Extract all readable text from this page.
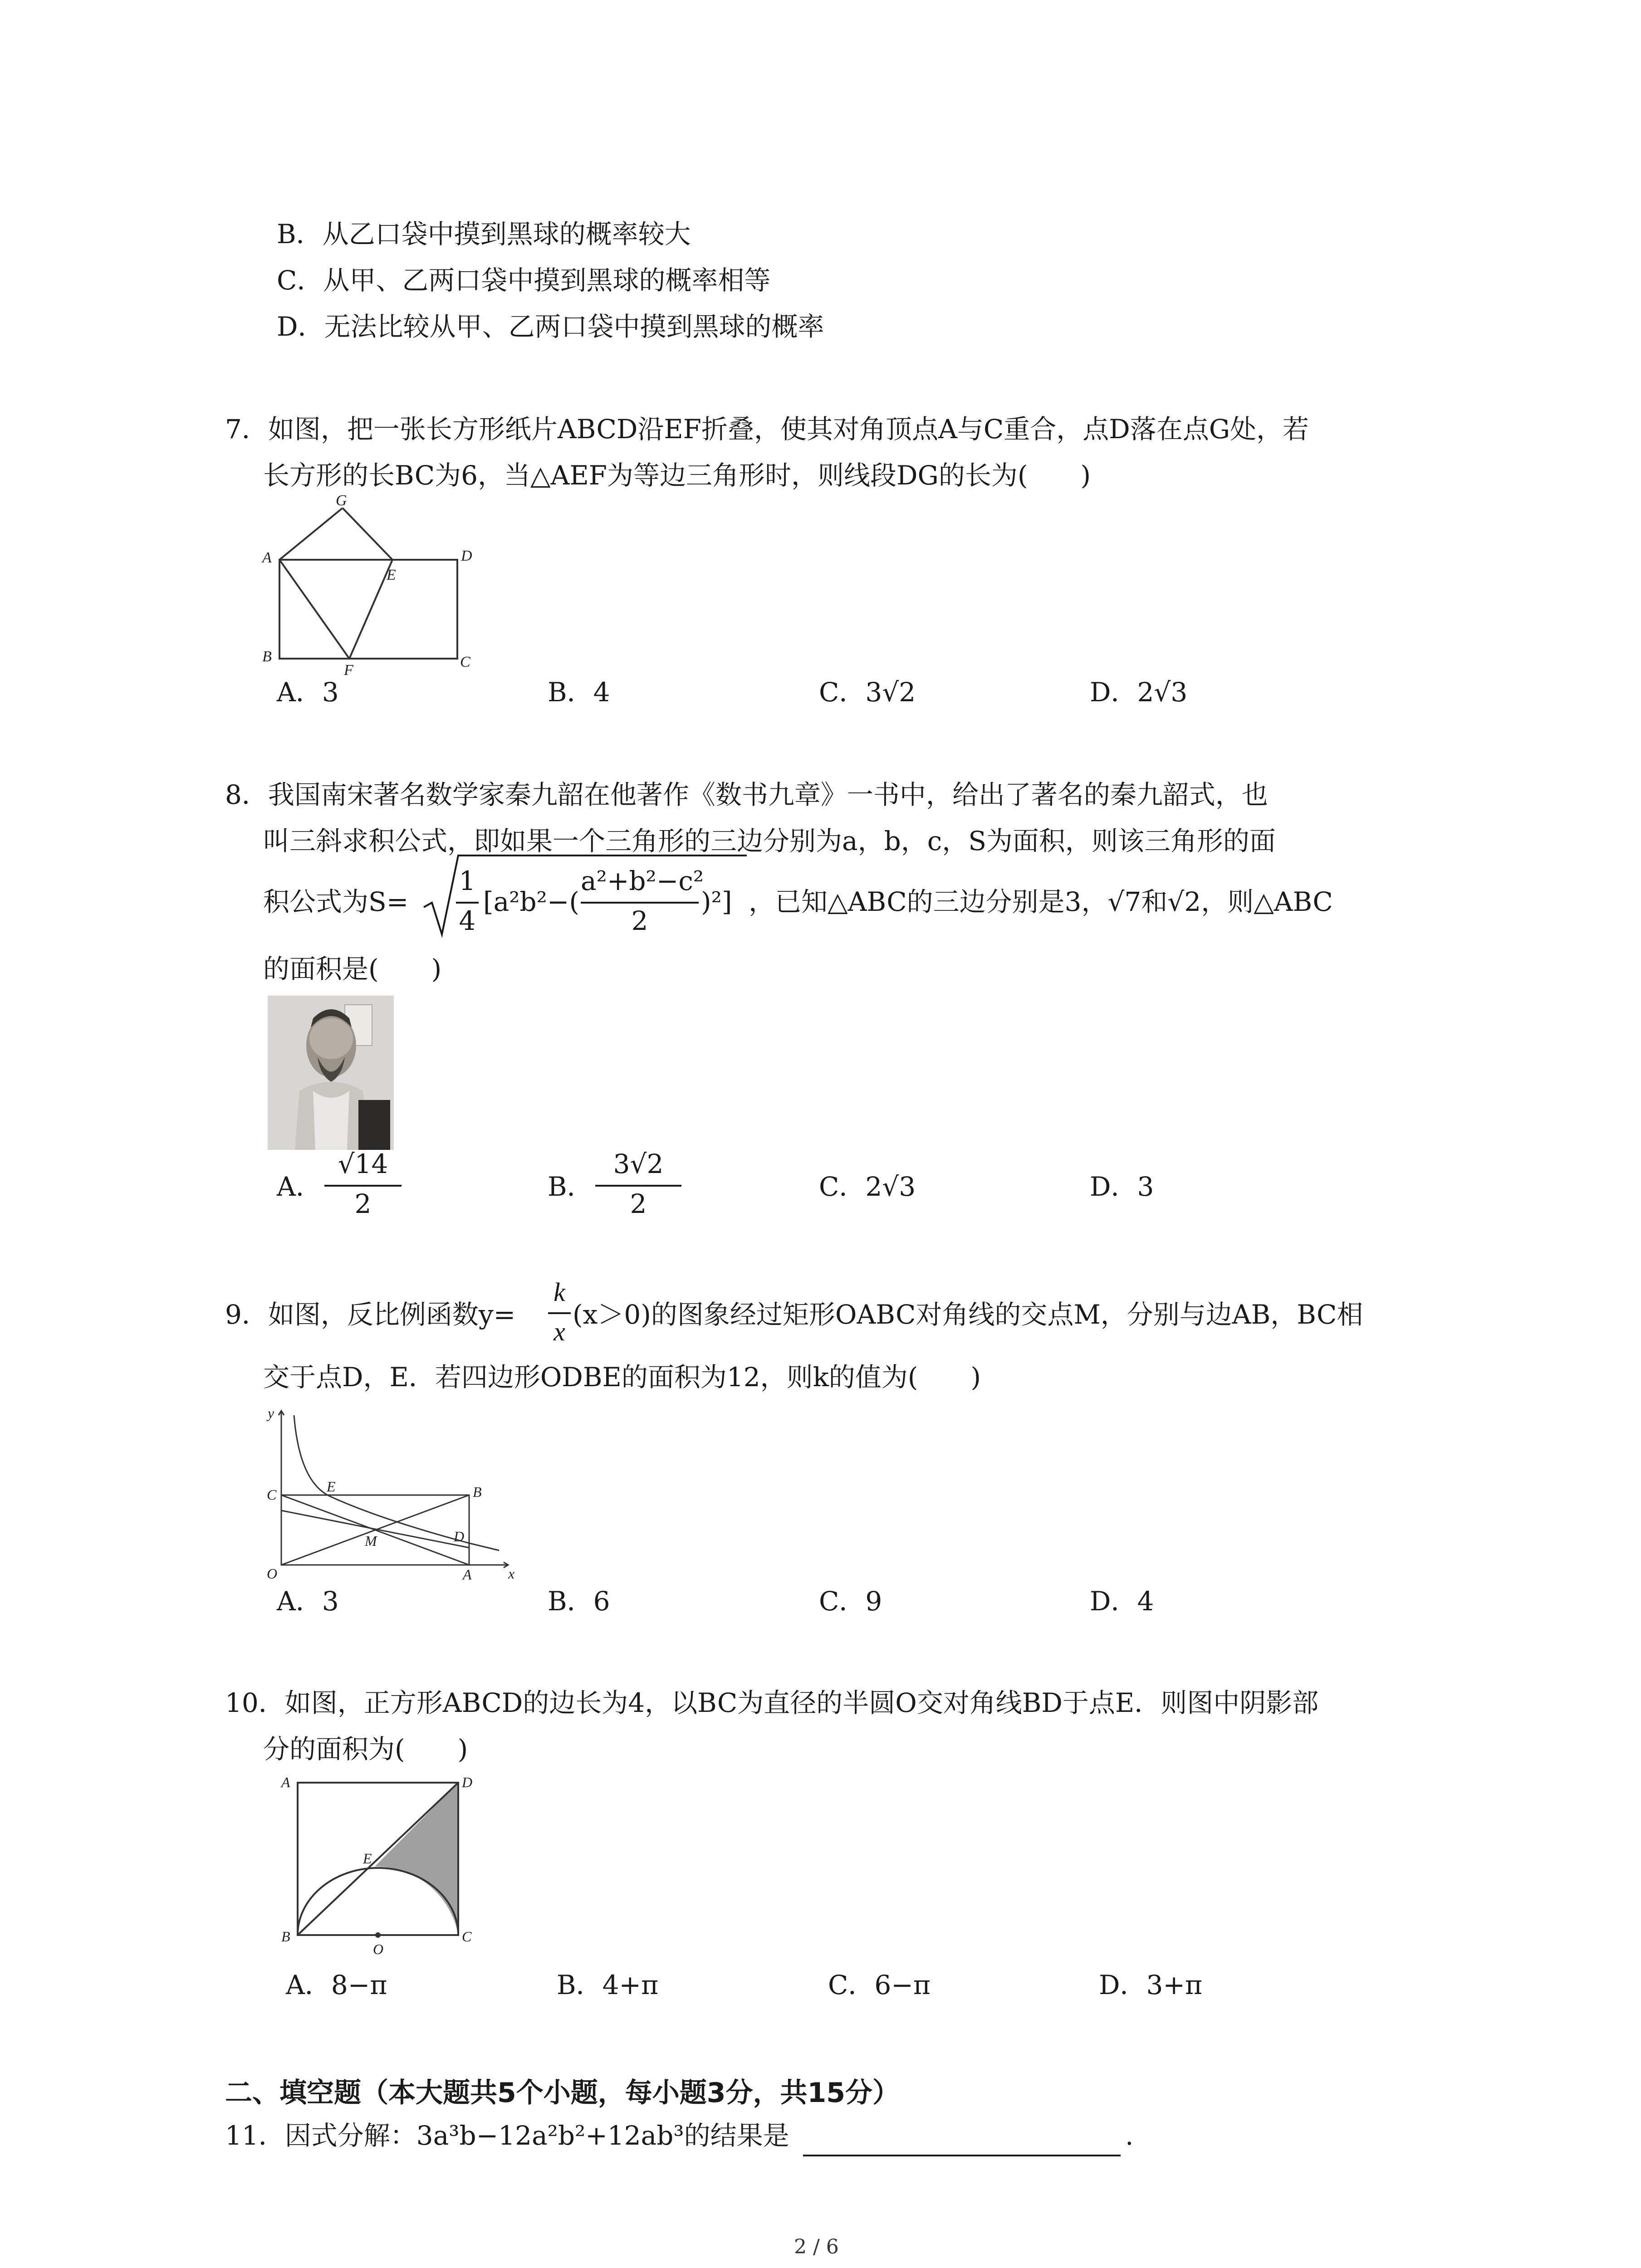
B．从乙口袋中摸到黑球的概率较大
C．从甲、乙两口袋中摸到黑球的概率相等
D．无法比较从甲、乙两口袋中摸到黑球的概率
7．如图，把一张长方形纸片ABCD沿EF折叠，使其对角顶点A与C重合，点D落在点G处，若
长方形的长BC为6，当△AEF为等边三角形时，则线段DG的长为(　　)
G
A	D
E
B
F	C
A．3	B．4	C．3√2	D．2√3
8．我国南宋著名数学家秦九韶在他著作《数书九章》一书中，给出了著名的秦九韶式，也
叫三斜求积公式，即如果一个三角形的三边分别为a，b，c，S为面积，则该三角形的面
积公式为S=
1
4
[a²b²−(
a²+b²−c²
2
)²] ，已知△ABC的三边分别是3，√7和√2，则△ABC
的面积是(　　)
A．
√14
2
B．
3√2
2
C．2√3	D．3
9．如图，反比例函数y=
k
x
(x＞0)的图象经过矩形OABC对角线的交点M，分别与边AB，BC相
交于点D，E．若四边形ODBE的面积为12，则k的值为(　　)
y
x
O	A
B
C
D
E
M
A．3	B．6	C．9	D．4
10．如图，正方形ABCD的边长为4，以BC为直径的半圆O交对角线BD于点E．则图中阴影部
分的面积为(　　)
A	D
B	C
E
O
A．8−π	B．4+π	C．6−π	D．3+π
二、填空题（本大题共5个小题，每小题3分，共15分）
11．因式分解：3a³b−12a²b²+12ab³的结果是	.
2 / 6
